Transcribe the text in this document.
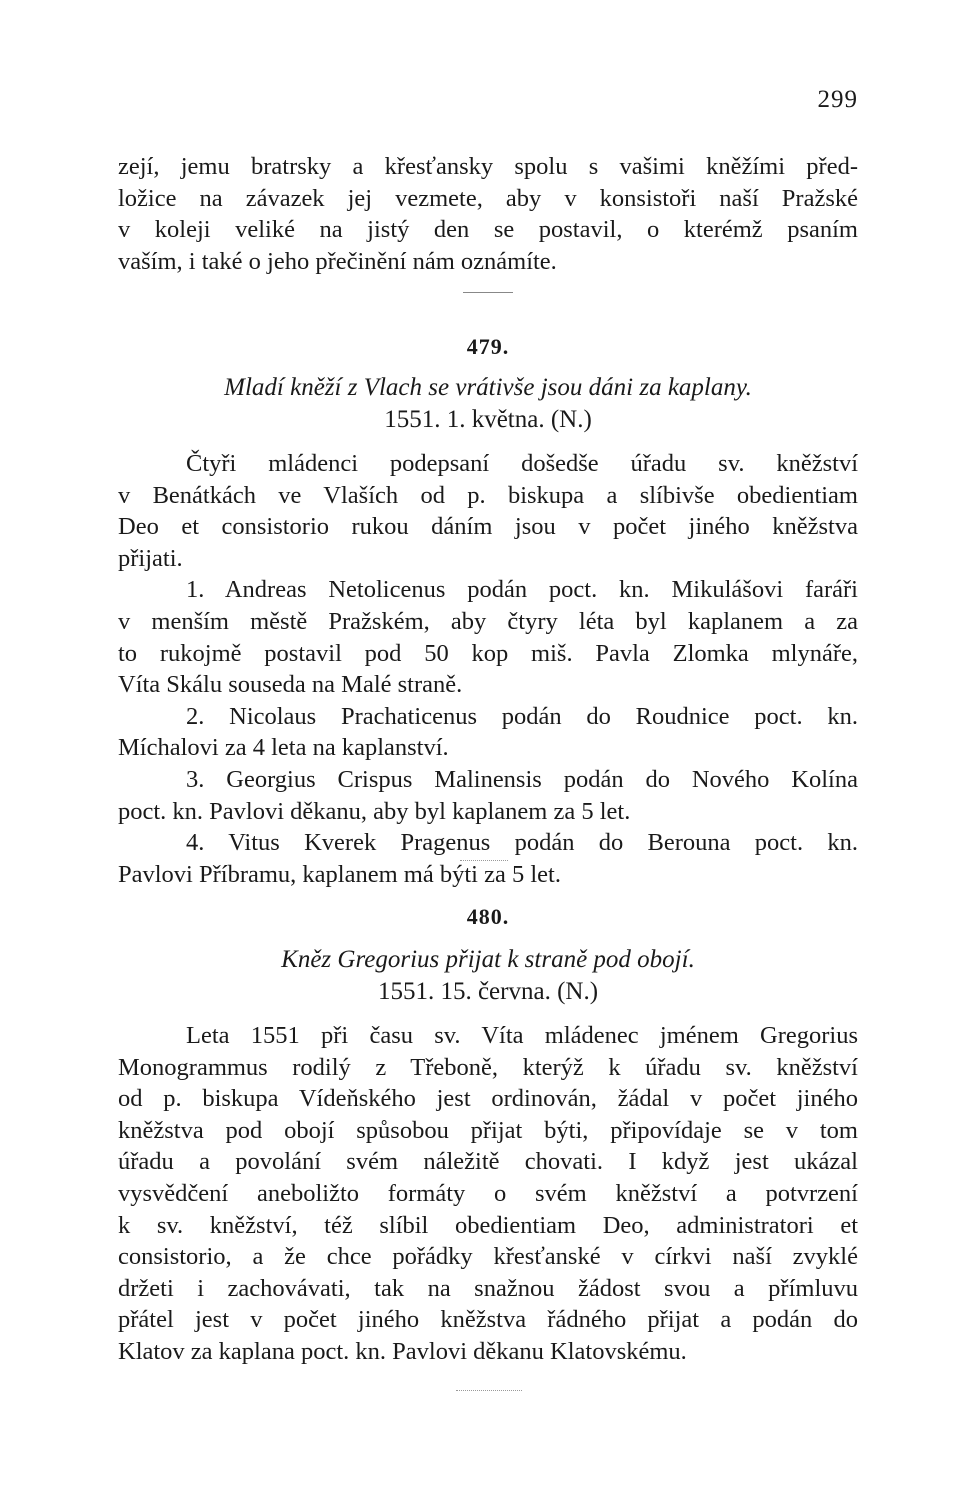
299
zejí, jemu bratrsky a křesťansky spolu s vašimi kněžími před-
ložice na závazek jej vezmete, aby v konsistoři naší Pražské
v koleji veliké na jistý den se postavil, o kterémž psaním
vaším, i také o jeho přečinění nám oznámíte.
479.
Mladí kněží z Vlach se vrátivše jsou dáni za kaplany.
1551. 1. května. (N.)
Čtyři mládenci podepsaní došedše úřadu sv. kněžství
v Benátkách ve Vlaších od p. biskupa a slíbivše obedientiam
Deo et consistorio rukou dáním jsou v počet jiného kněžstva
přijati.
1. Andreas Netolicenus podán poct. kn. Mikulášovi faráři
v menším městě Pražském, aby čtyry léta byl kaplanem a za
to rukojmě postavil pod 50 kop miš. Pavla Zlomka mlynáře,
Víta Skálu souseda na Malé straně.
2. Nicolaus Prachaticenus podán do Roudnice poct. kn.
Míchalovi za 4 leta na kaplanství.
3. Georgius Crispus Malinensis podán do Nového Kolína
poct. kn. Pavlovi děkanu, aby byl kaplanem za 5 let.
4. Vitus Kverek Pragenus podán do Berouna poct. kn.
Pavlovi Příbramu, kaplanem má býti za 5 let.
480.
Kněz Gregorius přijat k straně pod obojí.
1551. 15. června. (N.)
Leta 1551 při času sv. Víta mládenec jménem Gregorius
Monogrammus rodilý z Třeboně, kterýž k úřadu sv. kněžství
od p. biskupa Vídeňského jest ordinován, žádal v počet jiného
kněžstva pod obojí spůsobou přijat býti, připovídaje se v tom
úřadu a povolání svém náležitě chovati. I když jest ukázal
vysvědčení aneboližto formáty o svém kněžství a potvrzení
k sv. kněžství, též slíbil obedientiam Deo, administratori et
consistorio, a že chce pořádky křesťanské v církvi naší zvyklé
držeti i zachovávati, tak na snažnou žádost svou a přímluvu
přátel jest v počet jiného kněžstva řádného přijat a podán do
Klatov za kaplana poct. kn. Pavlovi děkanu Klatovskému.
